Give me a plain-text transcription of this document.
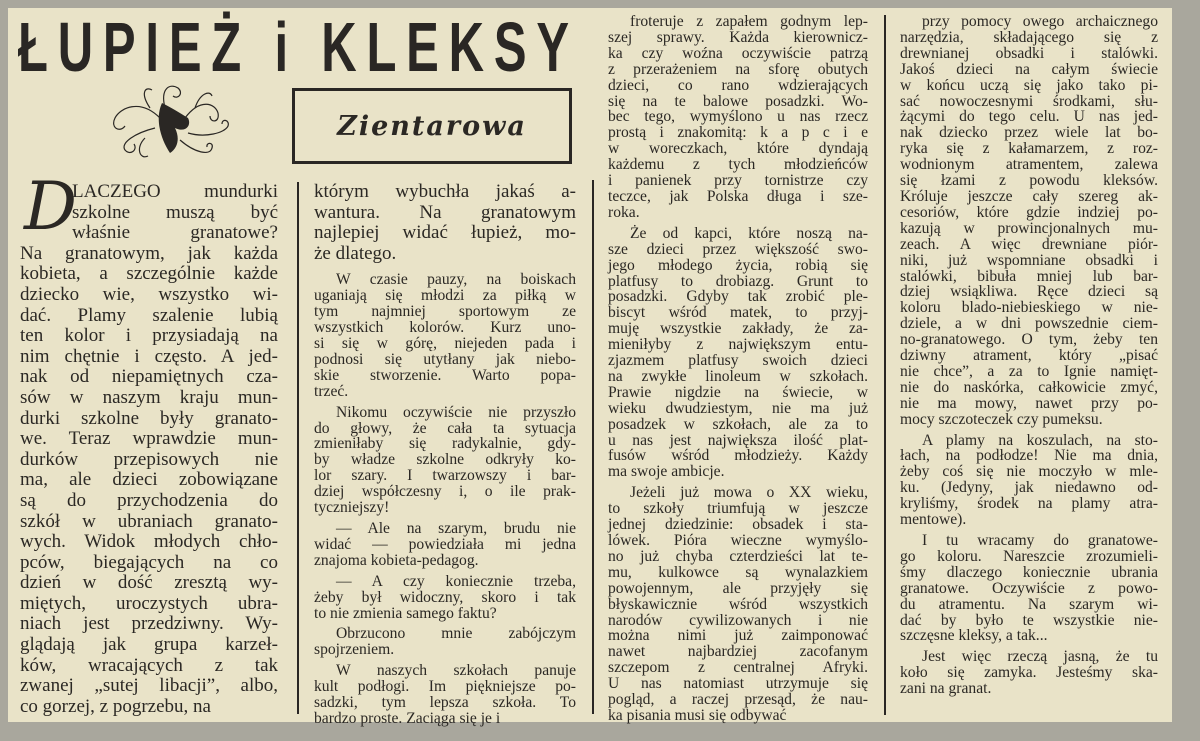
ŁUPIEŻ i KLEKSY
Zientarowa
D
LACZEGO mundurki
szkolne muszą być
właśnie granatowe?
Na granatowym, jak każda
kobieta, a szczególnie każde
dziecko wie, wszystko wi-
dać. Plamy szalenie lubią
ten kolor i przysiadają na
nim chętnie i często. A jed-
nak od niepamiętnych cza-
sów w naszym kraju mun-
durki szkolne były granato-
we. Teraz wprawdzie mun-
durków przepisowych nie
ma, ale dzieci zobowiązane
są do przychodzenia do
szkół w ubraniach granato-
wych. Widok młodych chło-
pców, biegających na co
dzień w dość zresztą wy-
miętych, uroczystych ubra-
niach jest przedziwny. Wy-
glądają jak grupa karzeł-
ków, wracających z tak
zwanej „sutej libacji”, albo,
co gorzej, z pogrzebu, na
którym wybuchła jakaś a-
wantura. Na granatowym
najlepiej widać łupież, mo-
że dlatego.
W czasie pauzy, na boiskach
uganiają się młodzi za piłką w
tym najmniej sportowym ze
wszystkich kolorów. Kurz uno-
si się w górę, niejeden pada i
podnosi się utytłany jak niebo-
skie stworzenie. Warto popa-
trzeć.
Nikomu oczywiście nie przyszło
do głowy, że cała ta sytuacja
zmieniłaby się radykalnie, gdy-
by władze szkolne odkryły ko-
lor szary. I twarzowszy i bar-
dziej współczesny i, o ile prak-
tyczniejszy!
— Ale na szarym, brudu nie
widać — powiedziała mi jedna
znajoma kobieta-pedagog.
— A czy koniecznie trzeba,
żeby był widoczny, skoro i tak
to nie zmienia samego faktu?
Obrzucono mnie zabójczym
spojrzeniem.
W naszych szkołach panuje
kult podłogi. Im piękniejsze po-
sadzki, tym lepsza szkoła. To
bardzo proste. Zaciąga się je i
froteruje z zapałem godnym lep-
szej sprawy. Każda kierownicz-
ka czy woźna oczywiście patrzą
z przerażeniem na sforę obutych
dzieci, co rano wdzierających
się na te balowe posadzki. Wo-
bec tego, wymyślono u nas rzecz
prostą i znakomitą: k a p c i e
w woreczkach, które dyndają
każdemu z tych młodzieńców
i panienek przy tornistrze czy
teczce, jak Polska długa i sze-
roka.
Że od kapci, które noszą na-
sze dzieci przez większość swo-
jego młodego życia, robią się
platfusy to drobiazg. Grunt to
posadzki. Gdyby tak zrobić ple-
biscyt wśród matek, to przyj-
muję wszystkie zakłady, że za-
mieniłyby z największym entu-
zjazmem platfusy swoich dzieci
na zwykłe linoleum w szkołach.
Prawie nigdzie na świecie, w
wieku dwudziestym, nie ma już
posadzek w szkołach, ale za to
u nas jest największa ilość plat-
fusów wśród młodzieży. Każdy
ma swoje ambicje.
Jeżeli już mowa o XX wieku,
to szkoły triumfują w jeszcze
jednej dziedzinie: obsadek i sta-
lówek. Pióra wieczne wymyślo-
no już chyba czterdzieści lat te-
mu, kulkowce są wynalazkiem
powojennym, ale przyjęły się
błyskawicznie wśród wszystkich
narodów cywilizowanych i nie
można nimi już zaimponować
nawet najbardziej zacofanym
szczepom z centralnej Afryki.
U nas natomiast utrzymuje się
pogląd, a raczej przesąd, że nau-
ka pisania musi się odbywać
przy pomocy owego archaicznego
narzędzia, składającego się z
drewnianej obsadki i stalówki.
Jakoś dzieci na całym świecie
w końcu uczą się jako tako pi-
sać nowoczesnymi środkami, słu-
żącymi do tego celu. U nas jed-
nak dziecko przez wiele lat bo-
ryka się z kałamarzem, z roz-
wodnionym atramentem, zalewa
się łzami z powodu kleksów.
Króluje jeszcze cały szereg ak-
cesoriów, które gdzie indziej po-
kazują w prowincjonalnych mu-
zeach. A więc drewniane piór-
niki, już wspomniane obsadki i
stalówki, bibuła mniej lub bar-
dziej wsiąkliwa. Ręce dzieci są
koloru blado-niebieskiego w nie-
dziele, a w dni powszednie ciem-
no-granatowego. O tym, żeby ten
dziwny atrament, który „pisać
nie chce”, a za to Ignie namięt-
nie do naskórka, całkowicie zmyć,
nie ma mowy, nawet przy po-
mocy szczoteczek czy pumeksu.
A plamy na koszulach, na sto-
łach, na podłodze! Nie ma dnia,
żeby coś się nie moczyło w mle-
ku. (Jedyny, jak niedawno od-
kryliśmy, środek na plamy atra-
mentowe).
I tu wracamy do granatowe-
go koloru. Nareszcie zrozumieli-
śmy dlaczego koniecznie ubrania
granatowe. Oczywiście z powo-
du atramentu. Na szarym wi-
dać by było te wszystkie nie-
szczęsne kleksy, a tak...
Jest więc rzeczą jasną, że tu
koło się zamyka. Jesteśmy ska-
zani na granat.
